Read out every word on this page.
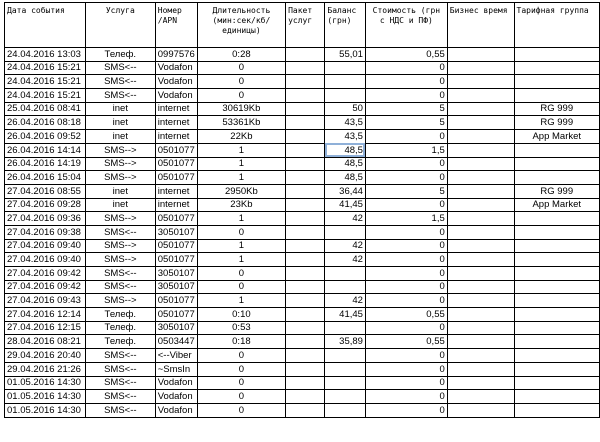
Дата события	Услуга	Номер /APN	Длительность (мин:сек/кб/единицы)	Пакет услуг	Баланс (грн)	Стоимость (грн с НДС и ПФ)	Бизнес время	Тарифная группа
24.04.2016 13:03	Телеф.	0997576	0:28		55,01	0,55		
24.04.2016 15:21	SMS<--	Vodafon	0			0		
24.04.2016 15:21	SMS<--	Vodafon	0			0		
24.04.2016 15:21	SMS<--	Vodafon	0			0		
25.04.2016 08:41	inet	internet	30619Kb		50	5		RG 999
26.04.2016 08:18	inet	internet	53361Kb		43,5	5		RG 999
26.04.2016 09:52	inet	internet	22Kb		43,5	0		App Market
26.04.2016 14:14	SMS-->	0501077	1		48,5	1,5		
26.04.2016 14:19	SMS-->	0501077	1		48,5	0		
26.04.2016 15:04	SMS-->	0501077	1		48,5	0		
27.04.2016 08:55	inet	internet	2950Kb		36,44	5		RG 999
27.04.2016 09:28	inet	internet	23Kb		41,45	0		App Market
27.04.2016 09:36	SMS-->	0501077	1		42	1,5		
27.04.2016 09:38	SMS<--	3050107	0			0		
27.04.2016 09:40	SMS-->	0501077	1		42	0		
27.04.2016 09:40	SMS-->	0501077	1		42	0		
27.04.2016 09:42	SMS<--	3050107	0			0		
27.04.2016 09:42	SMS<--	3050107	0			0		
27.04.2016 09:43	SMS-->	0501077	1		42	0		
27.04.2016 12:14	Телеф.	0501077	0:10		41,45	0,55		
27.04.2016 12:15	Телеф.	3050107	0:53			0		
28.04.2016 08:21	Телеф.	0503447	0:18		35,89	0,55		
29.04.2016 20:40	SMS<--	<--Viber	0			0		
29.04.2016 21:26	SMS<--	~SmsIn	0			0		
01.05.2016 14:30	SMS<--	Vodafon	0			0		
01.05.2016 14:30	SMS<--	Vodafon	0			0		
01.05.2016 14:30	SMS<--	Vodafon	0			0		
